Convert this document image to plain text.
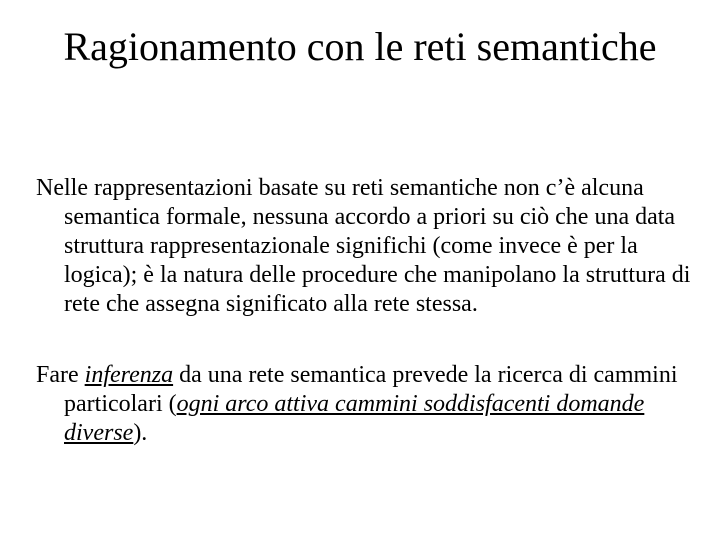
Ragionamento con le reti semantiche

Nelle rappresentazioni basate su reti semantiche non c’è alcuna semantica formale, nessuna accordo a priori su ciò che una data struttura rappresentazionale significhi (come invece è per la logica); è la natura delle procedure che manipolano la struttura di rete che assegna significato alla rete stessa.

Fare inferenza da una rete semantica prevede la ricerca di cammini particolari (ogni arco attiva cammini soddisfacenti domande diverse).
